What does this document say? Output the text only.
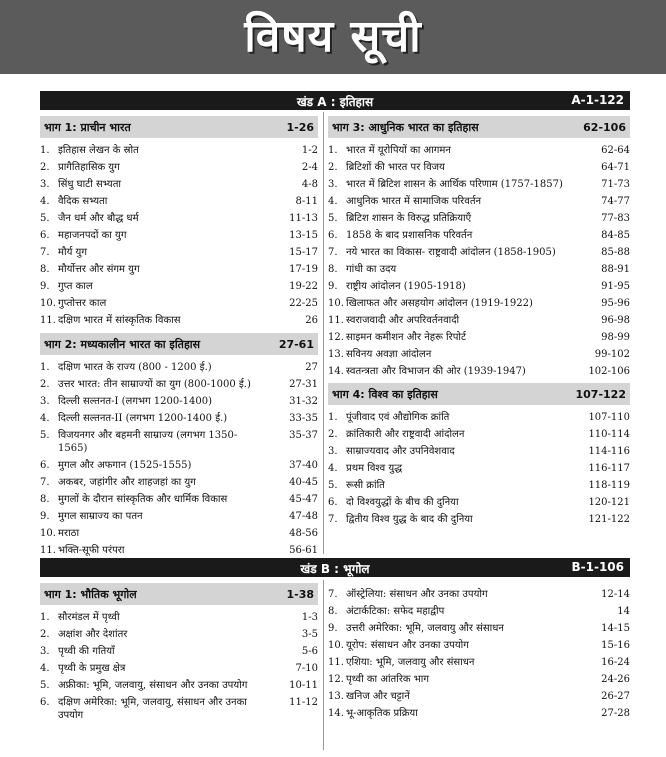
विषय सूची
खंड A : इतिहास	A-1-122
भाग 1: प्राचीन भारत	1-26
1. इतिहास लेखन के स्रोत	1-2
2. प्रागैतिहासिक युग	2-4
3. सिंधु घाटी सभ्यता	4-8
4. वैदिक सभ्यता	8-11
5. जैन धर्म और बौद्ध धर्म	11-13
6. महाजनपदों का युग	13-15
7. मौर्य युग	15-17
8. मौर्योत्तर और संगम युग	17-19
9. गुप्त काल	19-22
10. गुप्तोत्तर काल	22-25
11. दक्षिण भारत में सांस्कृतिक विकास	26
भाग 2: मध्यकालीन भारत का इतिहास	27-61
1. दक्षिण भारत के राज्य (800 - 1200 ई.)	27
2. उत्तर भारत: तीन साम्राज्यों का युग (800-1000 ई.)	27-31
3. दिल्ली सल्तनत-I (लगभग 1200-1400)	31-32
4. दिल्ली सल्तनत-II (लगभग 1200-1400 ई.)	33-35
5. विजयनगर और बहमनी साम्राज्य (लगभग 1350-1565)
35-37
6. मुगल और अफगान (1525-1555)	37-40
7. अकबर, जहांगीर और शाहजहां का युग	40-45
8. मुगलों के दौरान सांस्कृतिक और धार्मिक विकास	45-47
9. मुगल साम्राज्य का पतन	47-48
10. मराठा	48-56
11. भक्ति-सूफी परंपरा	56-61
भाग 3: आधुनिक भारत का इतिहास	62-106
1. भारत में यूरोपियों का आगमन	62-64
2. ब्रिटिशों की भारत पर विजय	64-71
3. भारत में ब्रिटिश शासन के आर्थिक परिणाम (1757-1857)	71-73
4. आधुनिक भारत में सामाजिक परिवर्तन	74-77
5. ब्रिटिश शासन के विरुद्ध प्रतिक्रियाएँ	77-83
6. 1858 के बाद प्रशासनिक परिवर्तन	84-85
7. नये भारत का विकास- राष्ट्रवादी आंदोलन (1858-1905)	85-88
8. गांधी का उदय	88-91
9. राष्ट्रीय आंदोलन (1905-1918)	91-95
10. खिलाफत और असहयोग आंदोलन (1919-1922)	95-96
11. स्वराजवादी और अपरिवर्तनवादी	96-98
12. साइमन कमीशन और नेहरू रिपोर्ट	98-99
13. सविनय अवज्ञा आंदोलन	99-102
14. स्वतन्त्रता और विभाजन की ओर (1939-1947)	102-106
भाग 4: विश्व का इतिहास	107-122
1. पूंजीवाद एवं औद्योगिक क्रांति	107-110
2. क्रांतिकारी और राष्ट्रवादी आंदोलन	110-114
3. साम्राज्यवाद और उपनिवेशवाद	114-116
4. प्रथम विश्व युद्ध	116-117
5. रूसी क्रांति	118-119
6. दो विश्वयुद्धों के बीच की दुनिया	120-121
7. द्वितीय विश्व युद्ध के बाद की दुनिया	121-122
खंड B : भूगोल	B-1-106
भाग 1: भौतिक भूगोल	1-38
1. सौरमंडल में पृथ्वी	1-3
2. अक्षांश और देशांतर	3-5
3. पृथ्वी की गतियाँ	5-6
4. पृथ्वी के प्रमुख क्षेत्र	7-10
5. अफ्रीका: भूमि, जलवायु, संसाधन और उनका उपयोग	10-11
6. दक्षिण अमेरिका: भूमि, जलवायु, संसाधन और उनका उपयोग
11-12
7. ऑस्ट्रेलिया: संसाधन और उनका उपयोग	12-14
8. अंटार्कटिका: सफेद महाद्वीप	14
9. उत्तरी अमेरिका: भूमि, जलवायु और संसाधन	14-15
10. यूरोप: संसाधन और उनका उपयोग	15-16
11. एशिया: भूमि, जलवायु और संसाधन	16-24
12. पृथ्वी का आंतरिक भाग	24-26
13. खनिज और चट्टानें	26-27
14. भू-आकृतिक प्रक्रिया	27-28
